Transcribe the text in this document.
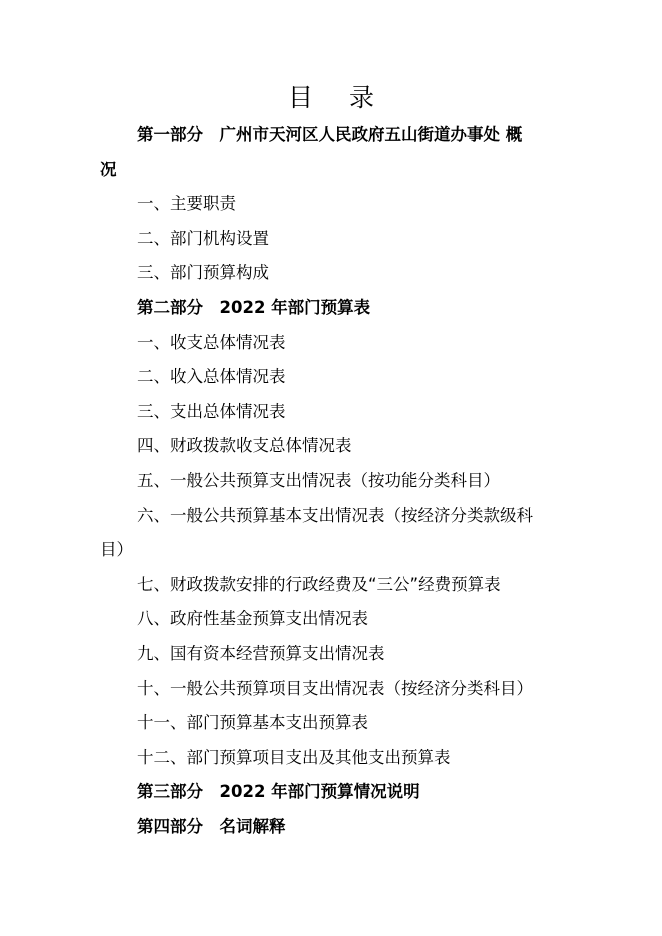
目 录
第一部分　广州市天河区人民政府五山街道办事处 概
况
一、主要职责
二、部门机构设置
三、部门预算构成
第二部分　2022 年部门预算表
一、收支总体情况表
二、收入总体情况表
三、支出总体情况表
四、财政拨款收支总体情况表
五、一般公共预算支出情况表（按功能分类科目）
六、一般公共预算基本支出情况表（按经济分类款级科
目）
七、财政拨款安排的行政经费及“三公”经费预算表
八、政府性基金预算支出情况表
九、国有资本经营预算支出情况表
十、一般公共预算项目支出情况表（按经济分类科目）
十一、部门预算基本支出预算表
十二、部门预算项目支出及其他支出预算表
第三部分　2022 年部门预算情况说明
第四部分　名词解释
